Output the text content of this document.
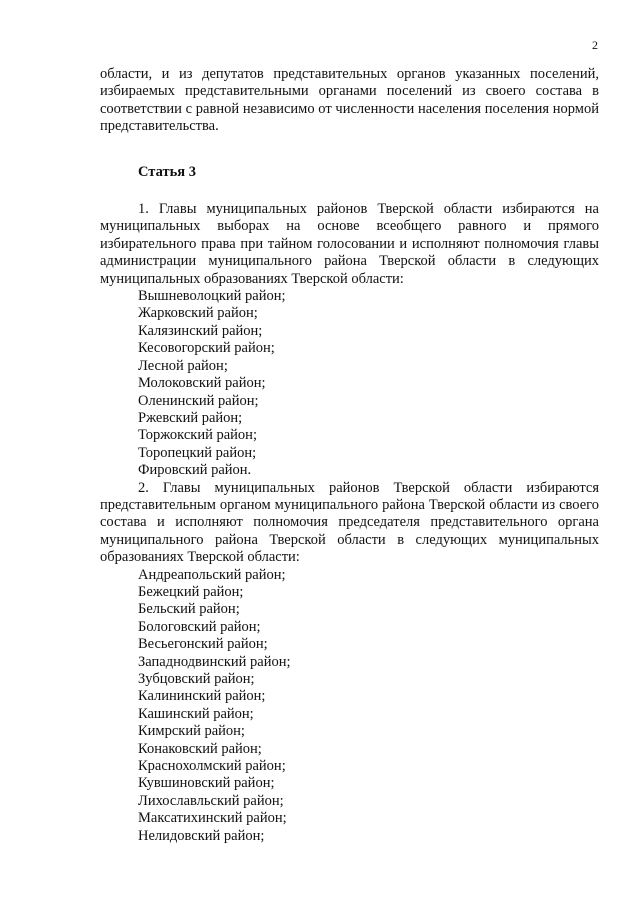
2

области, и из депутатов представительных органов указанных поселений, избираемых представительными органами поселений из своего состава в соответствии с равной независимо от численности населения поселения нормой представительства.

Статья 3

1. Главы муниципальных районов Тверской области избираются на муниципальных выборах на основе всеобщего равного и прямого избирательного права при тайном голосовании и исполняют полномочия главы администрации муниципального района Тверской области в следующих муниципальных образованиях Тверской области:

Вышневолоцкий район;
Жарковский район;
Калязинский район;
Кесовогорский район;
Лесной район;
Молоковский район;
Оленинский район;
Ржевский район;
Торжокский район;
Торопецкий район;
Фировский район.

2. Главы муниципальных районов Тверской области избираются представительным органом муниципального района Тверской области из своего состава и исполняют полномочия председателя представительного органа муниципального района Тверской области в следующих муниципальных образованиях Тверской области:

Андреапольский район;
Бежецкий район;
Бельский район;
Бологовский район;
Весьегонский район;
Западнодвинский район;
Зубцовский район;
Калининский район;
Кашинский район;
Кимрский район;
Конаковский район;
Краснохолмский район;
Кувшиновский район;
Лихославльский район;
Максатихинский район;
Нелидовский район;
